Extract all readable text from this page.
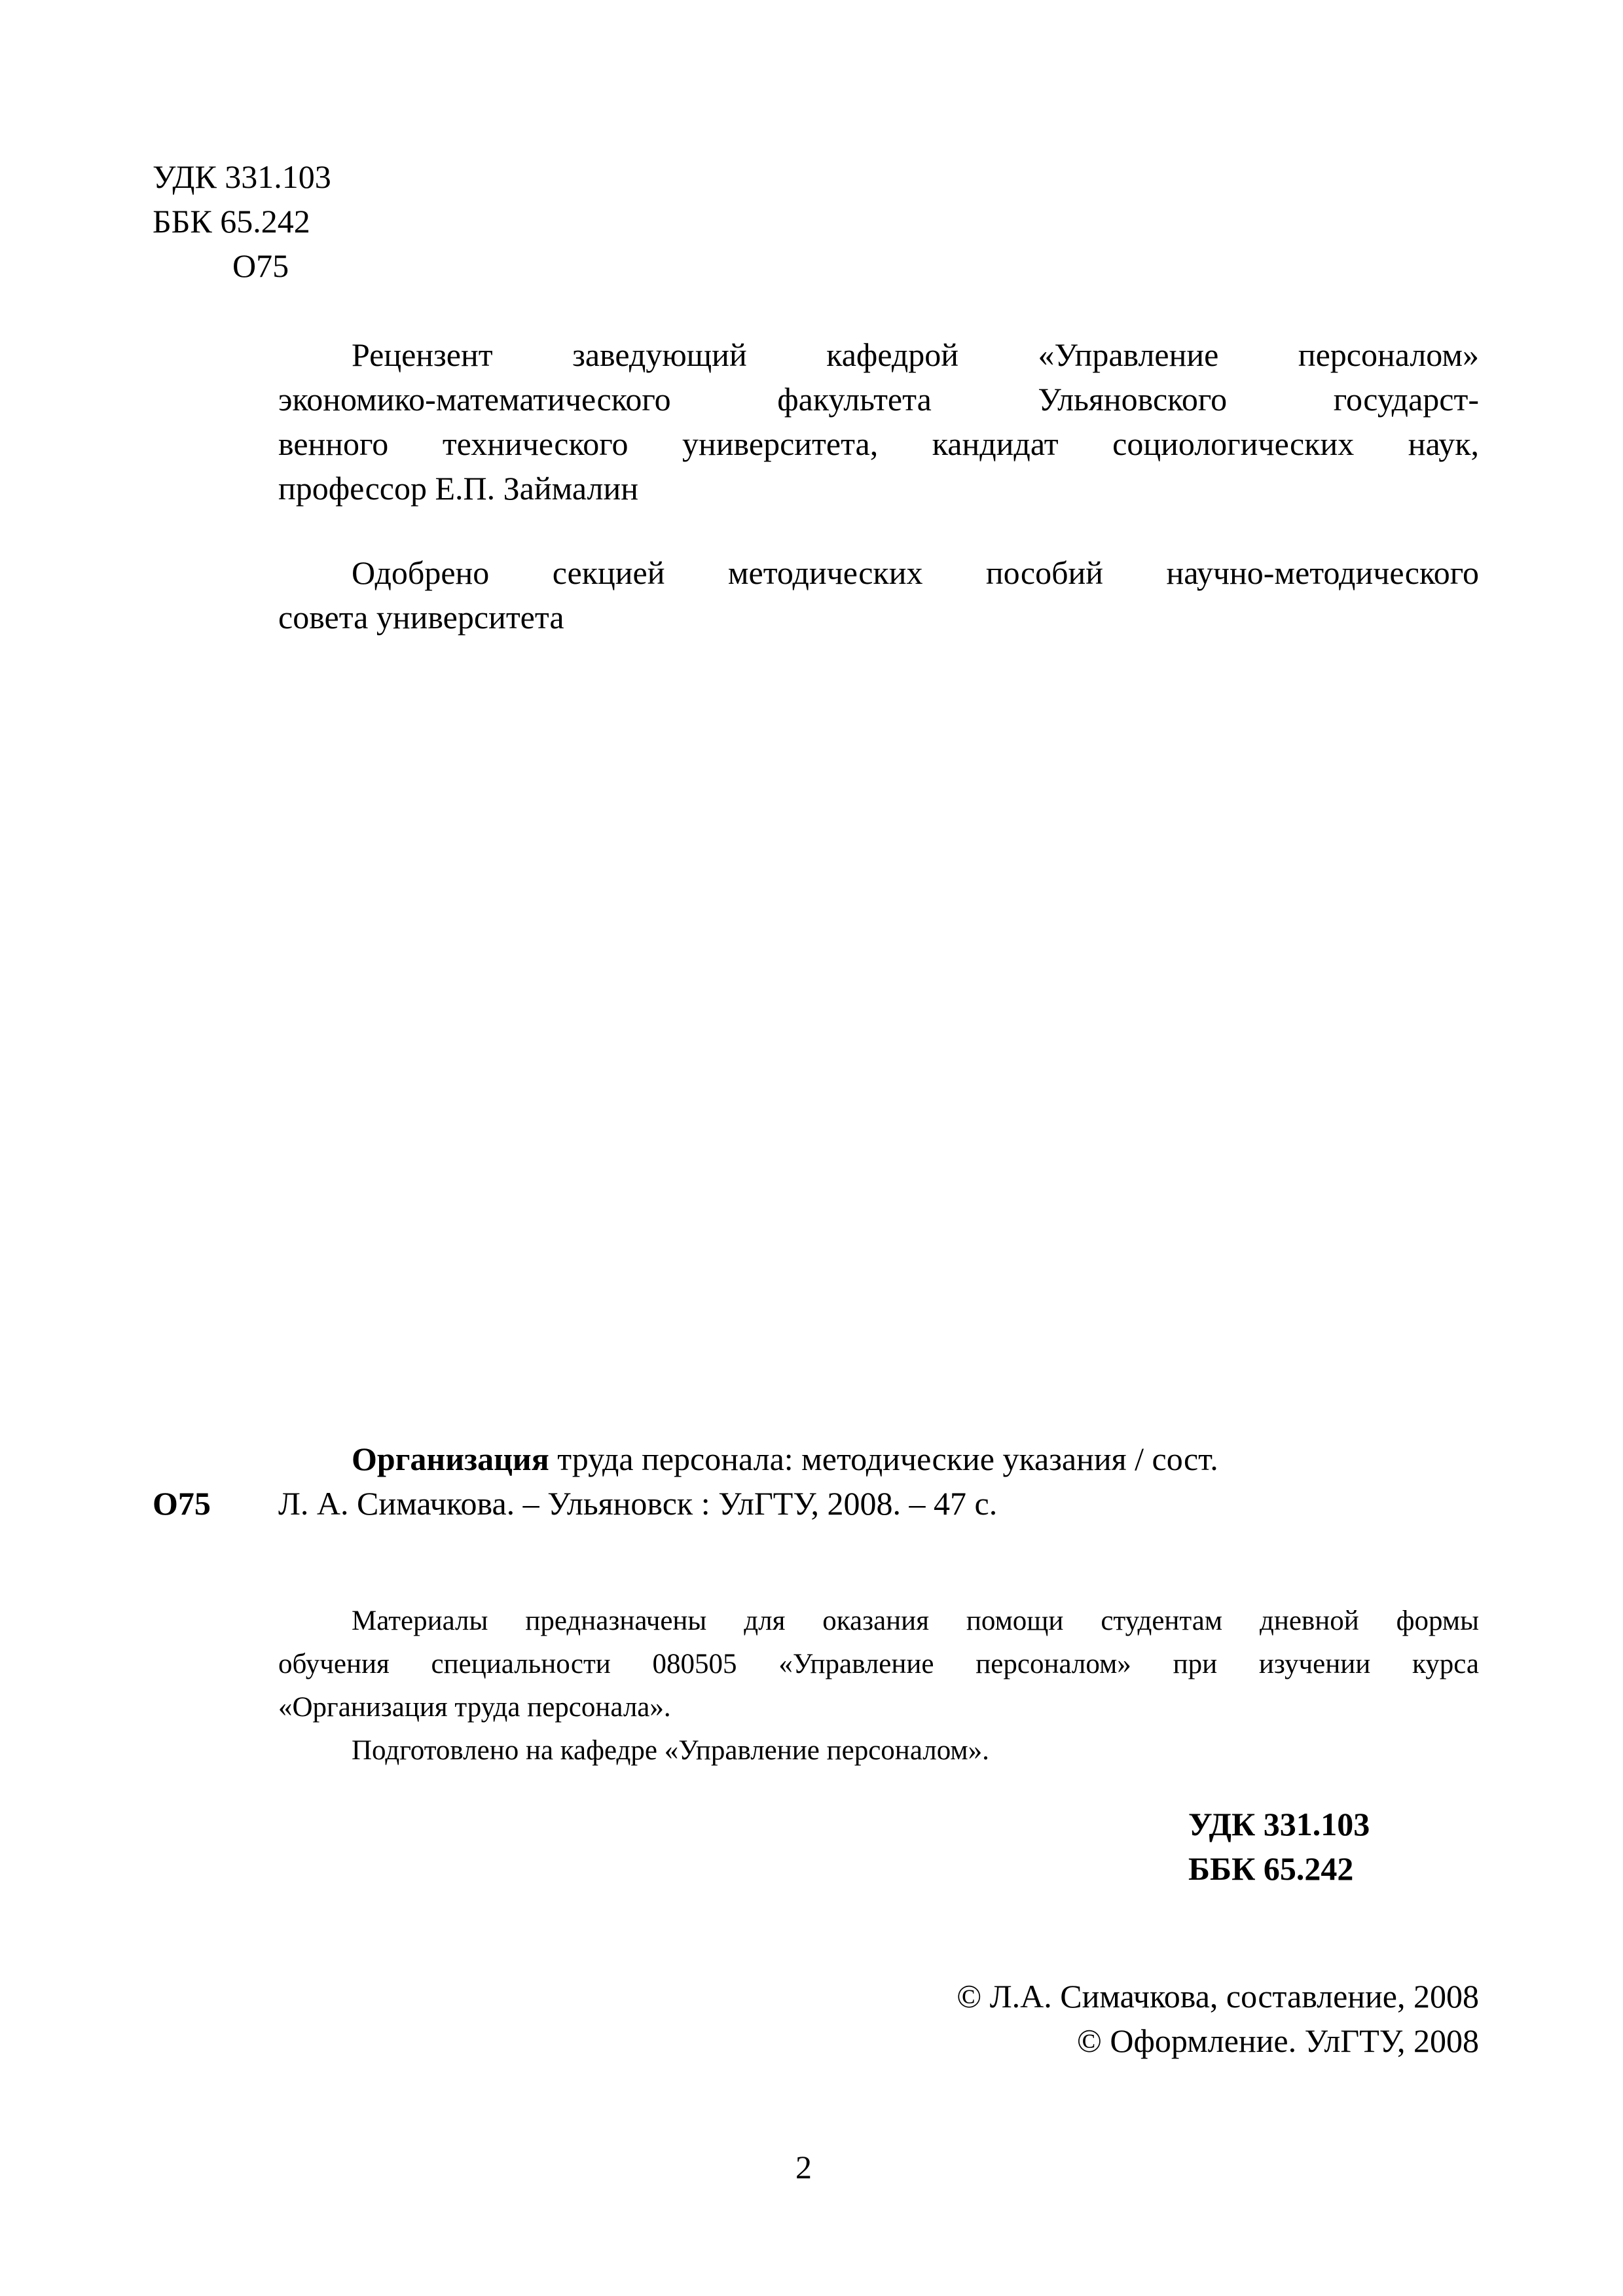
УДК 331.103

ББК 65.242

О75

Рецензент заведующий кафедрой «Управление персоналом»

экономико-математического факультета Ульяновского государст-

венного технического университета, кандидат социологических наук,

профессор Е.П. Займалин

Одобрено секцией методических пособий научно-методического

совета университета

Организация труда персонала: методические указания / сост.

О75 Л. А. Симачкова. – Ульяновск : УлГТУ, 2008. – 47 с.

Материалы предназначены для оказания помощи студентам дневной формы

обучения специальности 080505 «Управление персоналом» при изучении курса

«Организация труда персонала».

Подготовлено на кафедре «Управление персоналом».

УДК 331.103

ББК 65.242

© Л.А. Симачкова, составление, 2008

© Оформление. УлГТУ, 2008

2
